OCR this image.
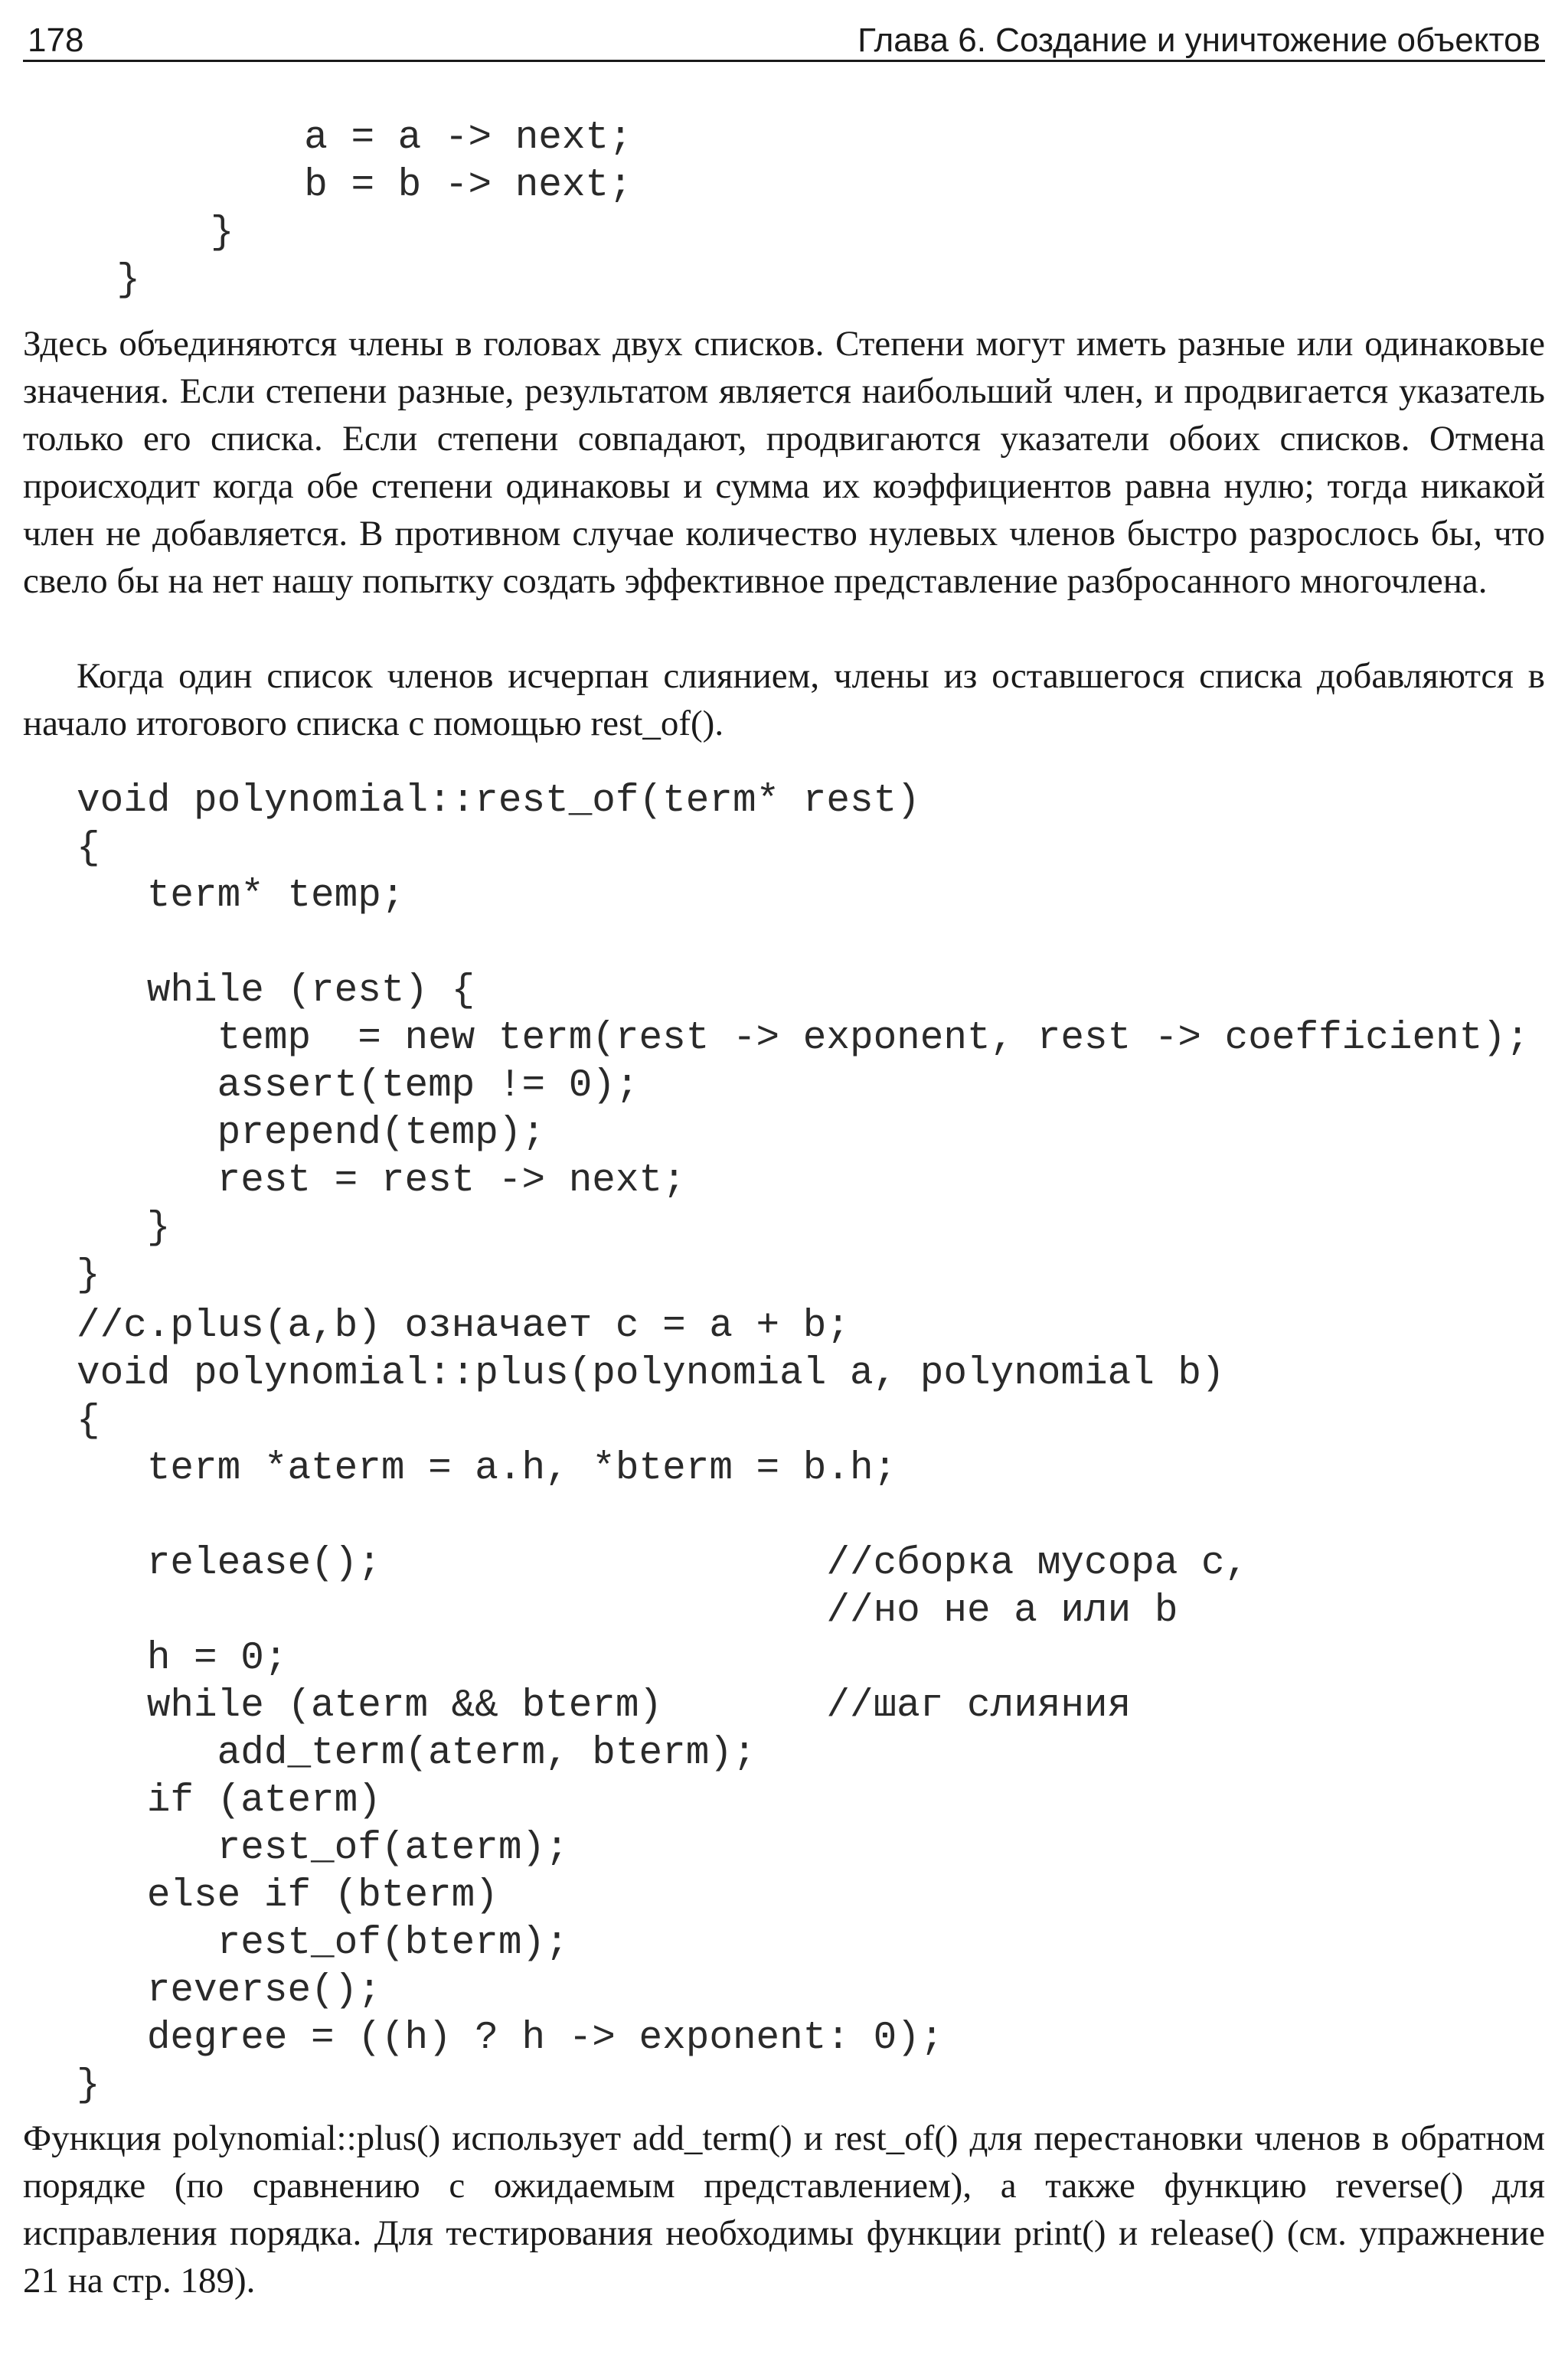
178	Глава 6. Создание и уничтожение объектов
a = a -> next;
b = b -> next;
}
}

Здесь объединяются члены в головах двух списков. Степени могут иметь разные или одинаковые значения. Если степени разные, результатом является наибольший член, и продвигается указатель только его списка. Если степени совпадают, продвигаются указатели обоих списков. Отмена происходит когда обе степени одинаковы и сумма их коэффициентов равна нулю; тогда никакой член не добавляется. В противном случае количество нулевых членов быстро разрослось бы, что свело бы на нет нашу попытку создать эффективное представление разбросанного многочлена.

Когда один список членов исчерпан слиянием, члены из оставшегося списка добавляются в начало итогового списка с помощью rest_of().

void polynomial::rest_of(term* rest)
{
term* temp;

while (rest) {
temp  = new term(rest -> exponent, rest -> coefficient);
assert(temp != 0);
prepend(temp);
rest = rest -> next;
}
}
//c.plus(a,b) означает c = a + b;
void polynomial::plus(polynomial a, polynomial b)
{
term *aterm = a.h, *bterm = b.h;

release();                   //сборка мусора с,
//но не а или b
h = 0;
while (aterm && bterm)       //шаг слияния
add_term(aterm, bterm);
if (aterm)
rest_of(aterm);
else if (bterm)
rest_of(bterm);
reverse();
degree = ((h) ? h -> exponent: 0);
}

Функция polynomial::plus() использует add_term() и rest_of() для перестановки членов в обратном порядке (по сравнению с ожидаемым представлением), а также функцию reverse() для исправления порядка. Для тестирования необходимы функции print() и release() (см. упражнение 21 на стр. 189).
